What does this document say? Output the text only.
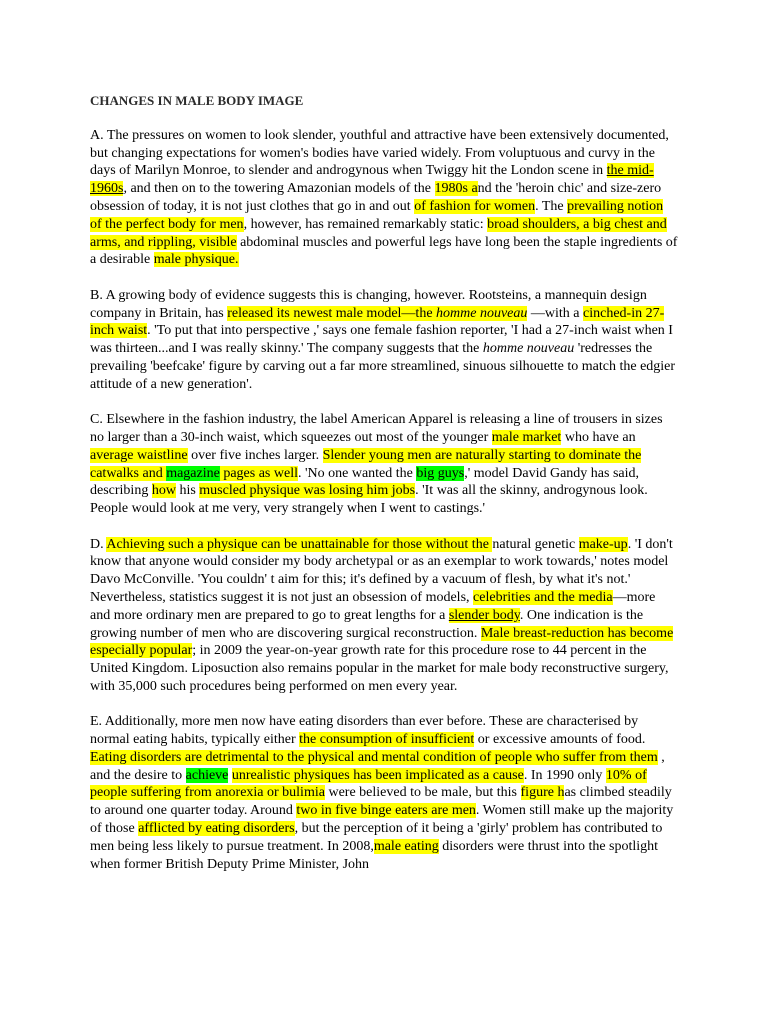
CHANGES IN MALE BODY IMAGE

A. The pressures on women to look slender, youthful and attractive have been extensively documented, but changing expectations for women's bodies have varied widely. From voluptuous and curvy in the days of Marilyn Monroe, to slender and androgynous when Twiggy hit the London scene in the mid-1960s, and then on to the towering Amazonian models of the 1980s and the 'heroin chic' and size-zero obsession of today, it is not just clothes that go in and out of fashion for women. The prevailing notion of the perfect body for men, however, has remained remarkably static: broad shoulders, a big chest and arms, and rippling, visible abdominal muscles and powerful legs have long been the staple ingredients of a desirable male physique.

B. A growing body of evidence suggests this is changing, however. Rootsteins, a mannequin design company in Britain, has released its newest male model—the homme nouveau —with a cinched-in 27-inch waist. 'To put that into perspective ,' says one female fashion reporter, 'I had a 27-inch waist when I was thirteen...and I was really skinny.' The company suggests that the homme nouveau 'redresses the prevailing 'beefcake' figure by carving out a far more streamlined, sinuous silhouette to match the edgier attitude of a new generation'.

C. Elsewhere in the fashion industry, the label American Apparel is releasing a line of trousers in sizes no larger than a 30-inch waist, which squeezes out most of the younger male market who have an average waistline over five inches larger. Slender young men are naturally starting to dominate the catwalks and magazine pages as well. 'No one wanted the big guys,' model David Gandy has said, describing how his muscled physique was losing him jobs. 'It was all the skinny, androgynous look. People would look at me very, very strangely when I went to castings.'

D. Achieving such a physique can be unattainable for those without the natural genetic make-up. 'I don't know that anyone would consider my body archetypal or as an exemplar to work towards,' notes model Davo McConville. 'You couldn' t aim for this; it's defined by a vacuum of flesh, by what it's not.' Nevertheless, statistics suggest it is not just an obsession of models, celebrities and the media—more and more ordinary men are prepared to go to great lengths for a slender body. One indication is the growing number of men who are discovering surgical reconstruction. Male breast-reduction has become especially popular; in 2009 the year-on-year growth rate for this procedure rose to 44 percent in the United Kingdom. Liposuction also remains popular in the market for male body reconstructive surgery, with 35,000 such procedures being performed on men every year.

E. Additionally, more men now have eating disorders than ever before. These are characterised by normal eating habits, typically either the consumption of insufficient or excessive amounts of food. Eating disorders are detrimental to the physical and mental condition of people who suffer from them , and the desire to achieve unrealistic physiques has been implicated as a cause. In 1990 only 10% of people suffering from anorexia or bulimia were believed to be male, but this figure has climbed steadily to around one quarter today. Around two in five binge eaters are men. Women still make up the majority of those afflicted by eating disorders, but the perception of it being a 'girly' problem has contributed to men being less likely to pursue treatment. In 2008,male eating disorders were thrust into the spotlight when former British Deputy Prime Minister, John
